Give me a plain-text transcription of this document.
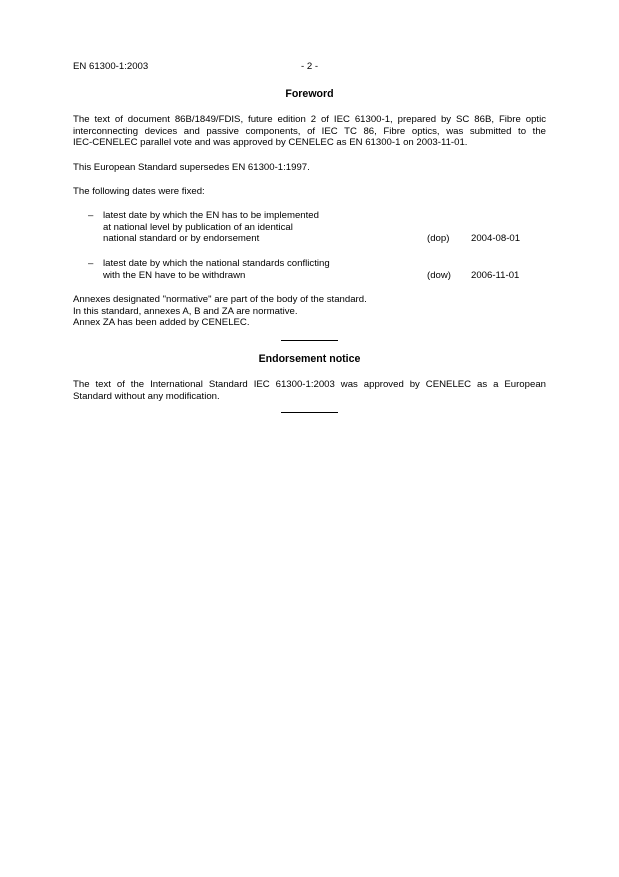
EN 61300-1:2003	- 2 -
Foreword
The text of document 86B/1849/FDIS, future edition 2 of IEC 61300-1, prepared by SC 86B, Fibre optic
interconnecting devices and passive components, of IEC TC 86, Fibre optics, was submitted to the
IEC-CENELEC parallel vote and was approved by CENELEC as EN 61300-1 on 2003-11-01.
This European Standard supersedes EN 61300-1:1997.
The following dates were fixed:
– latest date by which the EN has to be implemented
at national level by publication of an identical
national standard or by endorsement	(dop) 2004-08-01
– latest date by which the national standards conflicting
with the EN have to be withdrawn	(dow) 2006-11-01
Annexes designated "normative" are part of the body of the standard.
In this standard, annexes A, B and ZA are normative.
Annex ZA has been added by CENELEC.
Endorsement notice
The text of the International Standard IEC 61300-1:2003 was approved by CENELEC as a European
Standard without any modification.
